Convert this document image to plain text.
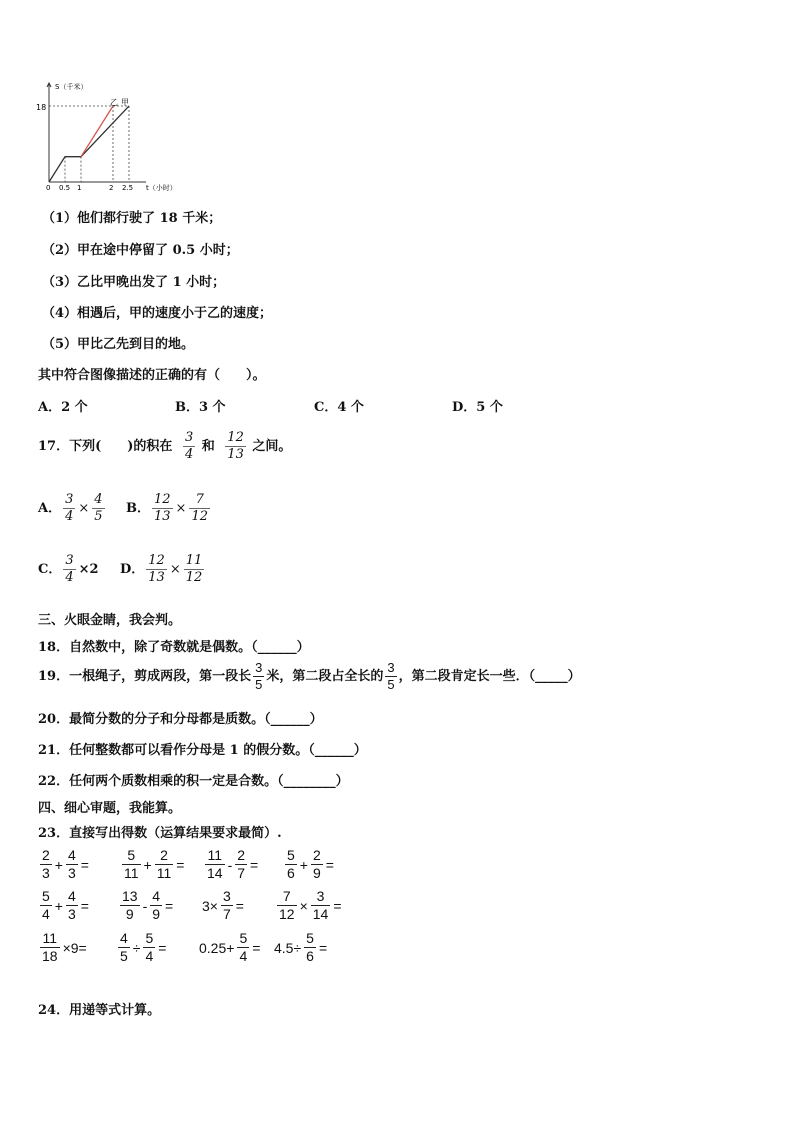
S（千米）
t（小时）
18
乙 甲
0 0.5 1	2 2.5
（1）他们都行驶了 18 千米；
（2）甲在途中停留了 0.5 小时；
（3）乙比甲晚出发了 1 小时；
（4）相遇后，甲的速度小于乙的速度；
（5）甲比乙先到目的地。
其中符合图像描述的正确的有（　　）。
A．2 个	B．3 个	C．4 个	D．5 个
17．下列(　　)的积在 $\frac{3}{4}$ 和 $\frac{12}{13}$ 之间。
A． $\frac{3}{4} \times \frac{4}{5}$ B． $\frac{12}{13} \times \frac{7}{12}$
C． $\frac{3}{4} \times 2$ D． $\frac{12}{13} \times \frac{11}{12}$
三、火眼金睛，我会判。
18．自然数中，除了奇数就是偶数。（______）
19．一根绳子，剪成两段，第一段长 $\frac{3}{5}$ 米，第二段占全长的 $\frac{3}{5}$ ，第二段肯定长一些．（_____）
20．最简分数的分子和分母都是质数。（______）
21．任何整数都可以看作分母是 1 的假分数。（______）
22．任何两个质数相乘的积一定是合数。（________）
四、细心审题，我能算。
23．直接写出得数（运算结果要求最简）.
$\frac{2}{3} + \frac{4}{3} = \frac{5}{11} + \frac{2}{11} = \frac{11}{14} - \frac{2}{7} = \frac{5}{6} + \frac{2}{9}$ =
$\frac{5}{4} + \frac{4}{3} = \frac{13}{9} - \frac{4}{9} = 3\times \frac{3}{7} = \frac{7}{12} \times \frac{3}{14}$ =
$\frac{11}{18} \times 9= \frac{4}{5} \div \frac{5}{4} = 0.25+ \frac{5}{4} = 4.5\div \frac{5}{6}$ =
24．用递等式计算。
